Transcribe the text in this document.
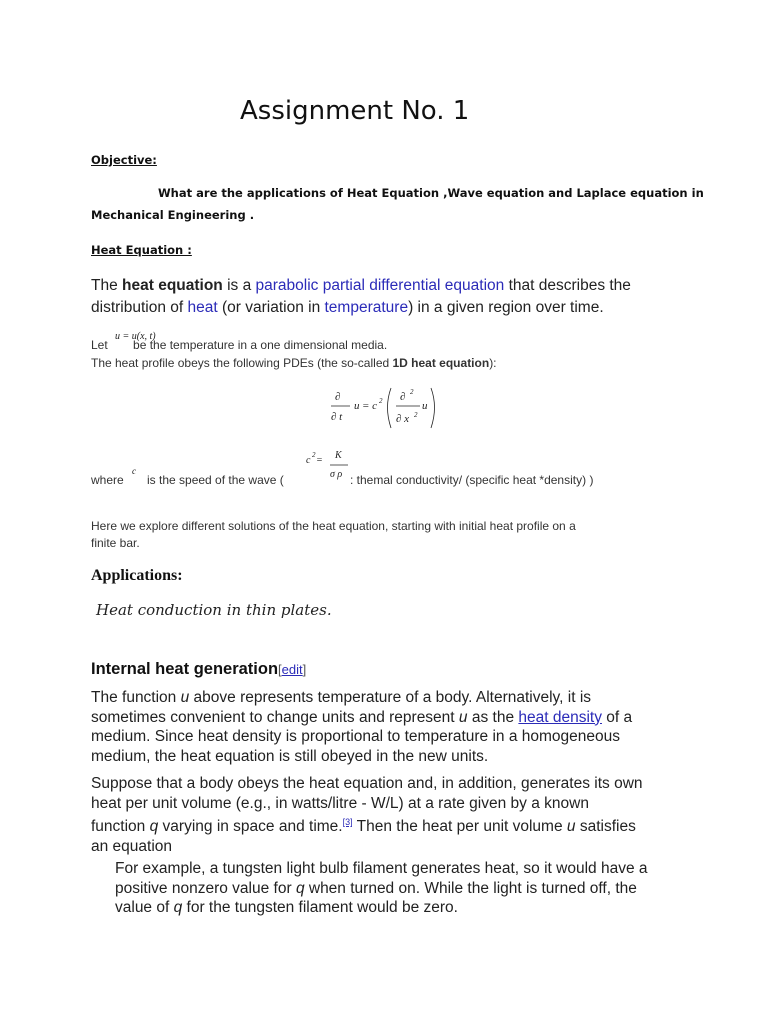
Assignment No. 1
Objective:
What are the applications of Heat Equation ,Wave equation and Laplace equation in
Mechanical Engineering .
Heat Equation :
The heat equation is a parabolic partial differential equation that describes the
distribution of heat (or variation in temperature) in a given region over time.
Let be the temperature in a one dimensional media.
u = u(x, t)
The heat profile obeys the following PDEs (the so-called 1D heat equation):
∂
∂ t
u = c 2 ∂ 2
∂ x 2
u
where
c
is the speed of the wave (
c 2 = K
σ ρ : themal conductivity/ (specific heat *density) )
Here we explore different solutions of the heat equation, starting with initial heat profile on a
finite bar.
Applications:
Heat conduction in thin plates.
Internal heat generation[edit]
The function u above represents temperature of a body. Alternatively, it is
sometimes convenient to change units and represent u as the heat density of a
medium. Since heat density is proportional to temperature in a homogeneous
medium, the heat equation is still obeyed in the new units.
Suppose that a body obeys the heat equation and, in addition, generates its own
heat per unit volume (e.g., in watts/litre - W/L) at a rate given by a known
function q varying in space and time.[3] Then the heat per unit volume u satisfies
an equation
For example, a tungsten light bulb filament generates heat, so it would have a
positive nonzero value for q when turned on. While the light is turned off, the
value of q for the tungsten filament would be zero.
